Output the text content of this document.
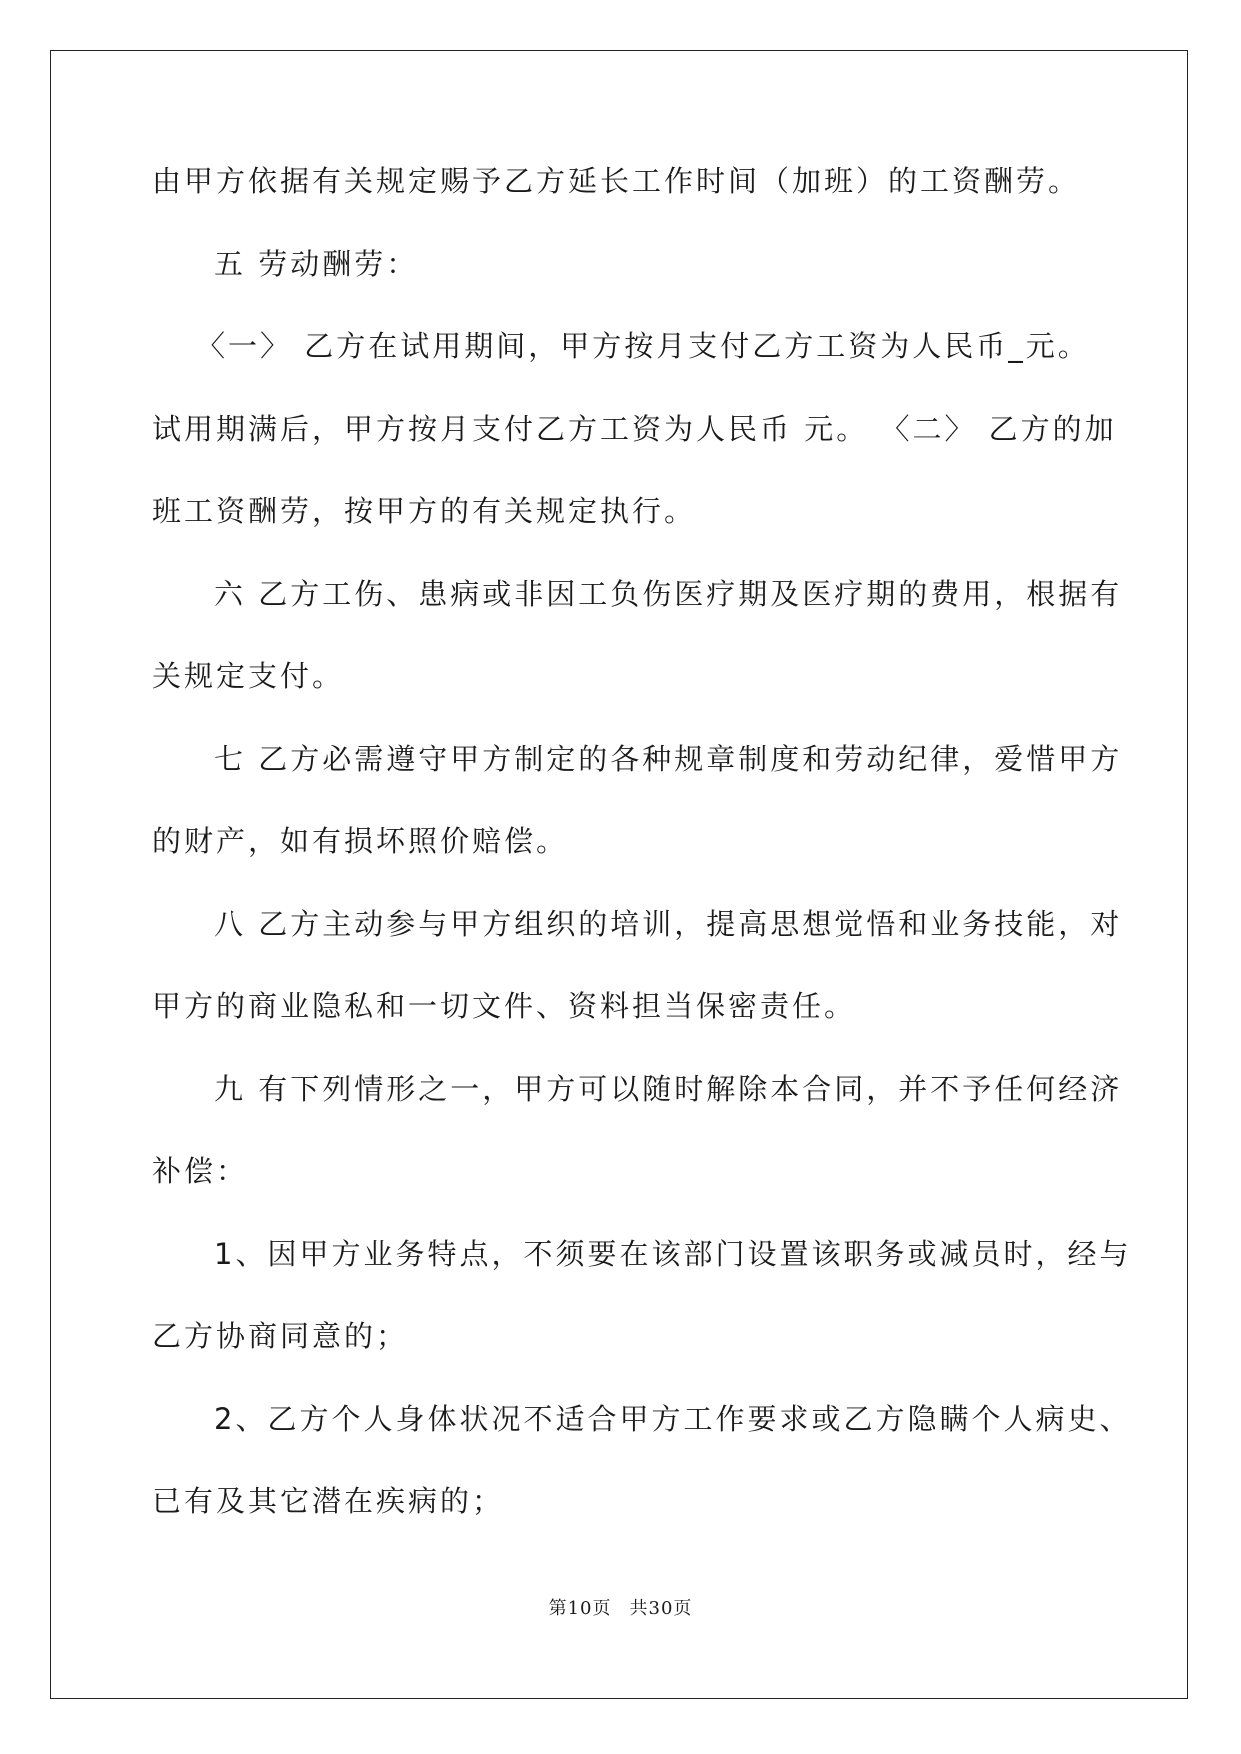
由甲方依据有关规定赐予乙方延长工作时间（加班）的工资酬劳。
五 劳动酬劳：
〈一〉 乙方在试用期间，甲方按月支付乙方工资为人民币_元。
试用期满后，甲方按月支付乙方工资为人民币 元。 〈二〉 乙方的加
班工资酬劳，按甲方的有关规定执行。
六 乙方工伤、患病或非因工负伤医疗期及医疗期的费用，根据有
关规定支付。
七 乙方必需遵守甲方制定的各种规章制度和劳动纪律，爱惜甲方
的财产，如有损坏照价赔偿。
八 乙方主动参与甲方组织的培训，提高思想觉悟和业务技能，对
甲方的商业隐私和一切文件、资料担当保密责任。
九 有下列情形之一，甲方可以随时解除本合同，并不予任何经济
补偿：
1、因甲方业务特点，不须要在该部门设置该职务或减员时，经与
乙方协商同意的；
2、乙方个人身体状况不适合甲方工作要求或乙方隐瞒个人病史、
已有及其它潜在疾病的；
第10页 共30页
